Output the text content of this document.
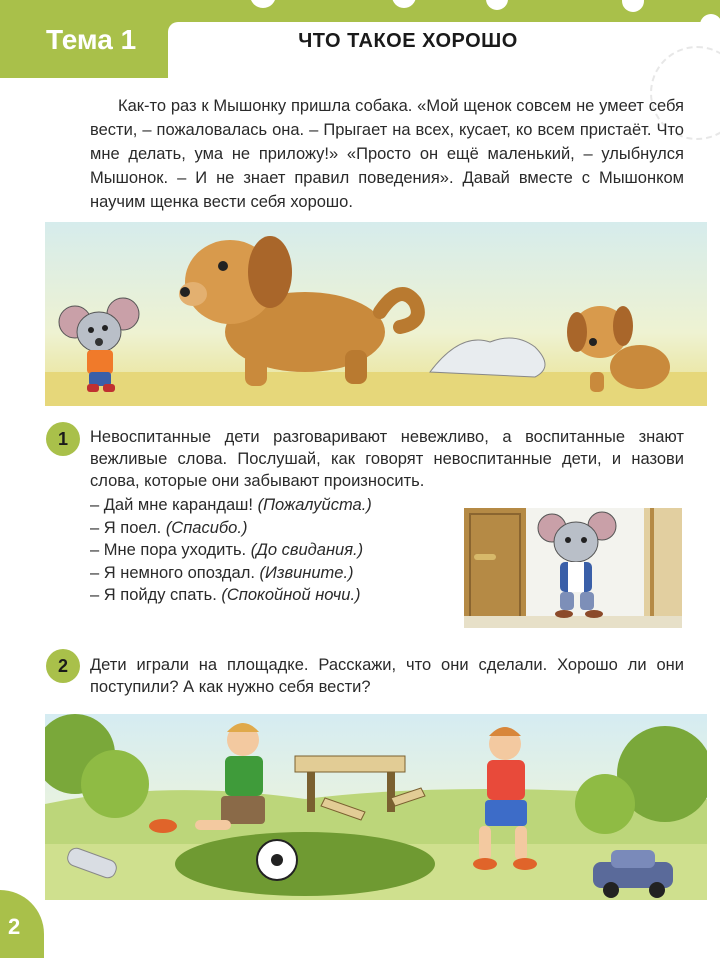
Тема 1	ЧТО ТАКОЕ ХОРОШО

Как-то раз к Мышонку пришла собака. «Мой щенок совсем не умеет себя вести, – пожаловалась она. – Прыгает на всех, кусает, ко всем пристаёт. Что мне делать, ума не приложу!» «Просто он ещё маленький, – улыбнулся Мышонок. – И не знает правил поведения». Давай вместе с Мышонком научим щенка вести себя хорошо.

1	Невоспитанные дети разговаривают невежливо, а воспитанные знают вежливые слова. Послушай, как говорят невоспитанные дети, и назови слова, которые они забывают произносить.

– Дай мне карандаш! (Пожалуйста.)
– Я поел. (Спасибо.)
– Мне пора уходить. (До свидания.)
– Я немного опоздал. (Извините.)
– Я пойду спать. (Спокойной ночи.)
2	Дети играли на площадке. Расскажи, что они сделали. Хорошо ли они поступили? А как нужно себя вести?

2
